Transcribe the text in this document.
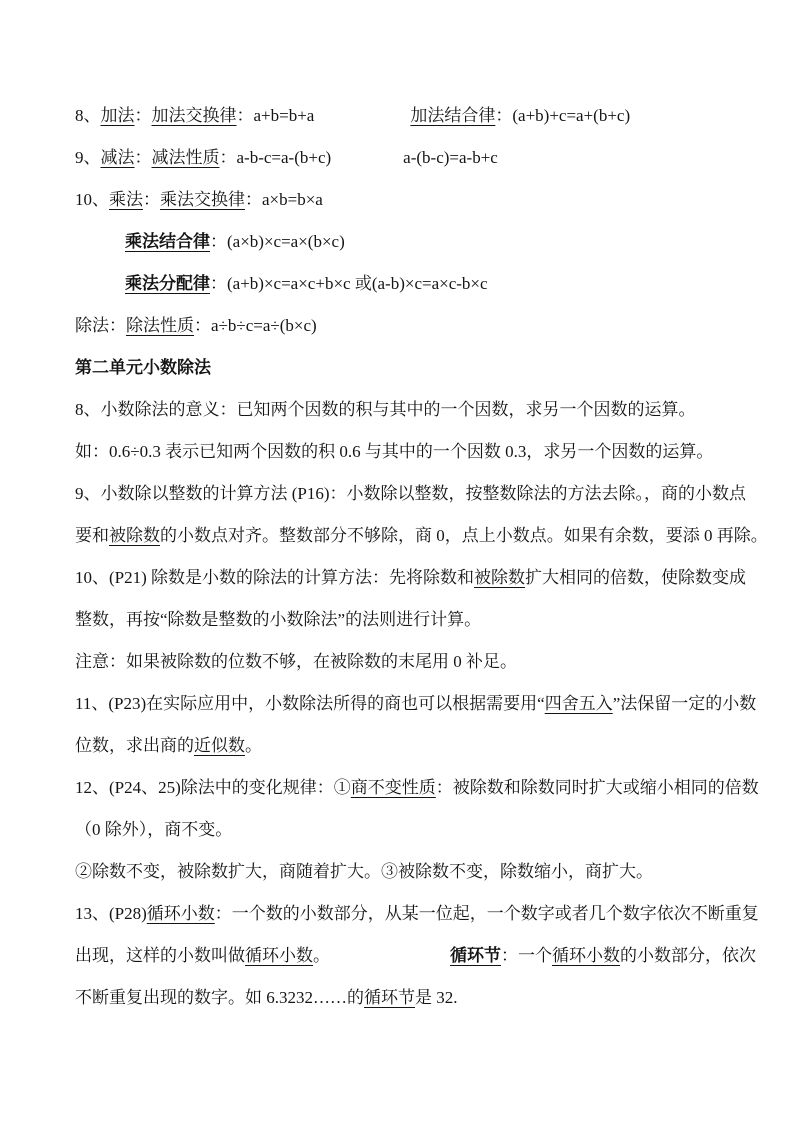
8、加法：加法交换律：a+b=b+a	加法结合律：(a+b)+c=a+(b+c)
9、减法：减法性质：a-b-c=a-(b+c)	a-(b-c)=a-b+c
10、乘法：乘法交换律：a×b=b×a
乘法结合律：(a×b)×c=a×(b×c)
乘法分配律：(a+b)×c=a×c+b×c 或(a-b)×c=a×c-b×c
除法：除法性质：a÷b÷c=a÷(b×c)
第二单元小数除法
8、小数除法的意义：已知两个因数的积与其中的一个因数，求另一个因数的运算。
如：0.6÷0.3 表示已知两个因数的积 0.6 与其中的一个因数 0.3，求另一个因数的运算。
9、小数除以整数的计算方法 (P16)：小数除以整数，按整数除法的方法去除。，商的小数点
要和被除数的小数点对齐。整数部分不够除，商 0，点上小数点。如果有余数，要添 0 再除。
10、(P21) 除数是小数的除法的计算方法：先将除数和被除数扩大相同的倍数，使除数变成
整数，再按“除数是整数的小数除法”的法则进行计算。
注意：如果被除数的位数不够，在被除数的末尾用 0 补足。
11、(P23)在实际应用中，小数除法所得的商也可以根据需要用“四舍五入”法保留一定的小数
位数，求出商的近似数。
12、(P24、25)除法中的变化规律：①商不变性质：被除数和除数同时扩大或缩小相同的倍数
（0 除外），商不变。
②除数不变，被除数扩大，商随着扩大。③被除数不变，除数缩小，商扩大。
13、(P28)循环小数：一个数的小数部分，从某一位起，一个数字或者几个数字依次不断重复
出现，这样的小数叫做循环小数。	循环节：一个循环小数的小数部分，依次
不断重复出现的数字。如 6.3232……的循环节是 32.
